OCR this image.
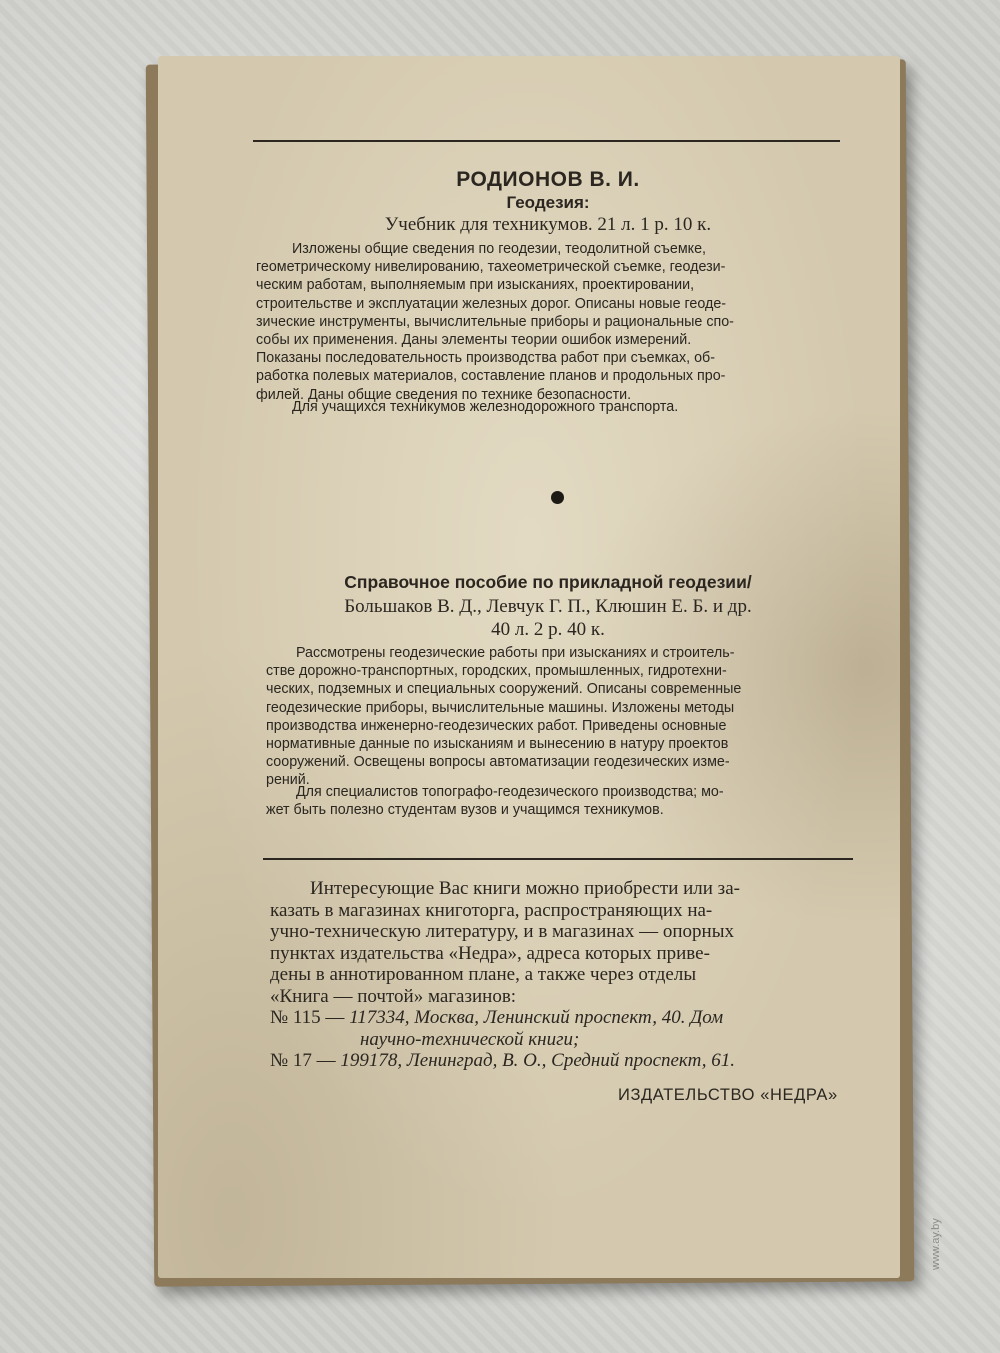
РОДИОНОВ В. И.
Геодезия:
Учебник для техникумов. 21 л. 1 р. 10 к.

Изложены общие сведения по геодезии, теодолитной съемке,
геометрическому нивелированию, тахеометрической съемке, геодези-
ческим работам, выполняемым при изысканиях, проектировании,
строительстве и эксплуатации железных дорог. Описаны новые геоде-
зические инструменты, вычислительные приборы и рациональные спо-
собы их применения. Даны элементы теории ошибок измерений.
Показаны последовательность производства работ при съемках, об-
работка полевых материалов, составление планов и продольных про-
филей. Даны общие сведения по технике безопасности.

Для учащихся техникумов железнодорожного транспорта.

Справочное пособие по прикладной геодезии/
Большаков В. Д., Левчук Г. П., Клюшин Е. Б. и др.
40 л. 2 р. 40 к.

Рассмотрены геодезические работы при изысканиях и строитель-
стве дорожно-транспортных, городских, промышленных, гидротехни-
ческих, подземных и специальных сооружений. Описаны современные
геодезические приборы, вычислительные машины. Изложены методы
производства инженерно-геодезических работ. Приведены основные
нормативные данные по изысканиям и вынесению в натуру проектов
сооружений. Освещены вопросы автоматизации геодезических изме-
рений.

Для специалистов топографо-геодезического производства; мо-
жет быть полезно студентам вузов и учащимся техникумов.

Интересующие Вас книги можно приобрести или за-
казать в магазинах книготорга, распространяющих на-
учно-техническую литературу, и в магазинах — опорных
пунктах издательства «Недра», адреса которых приве-
дены в аннотированном плане, а также через отделы
«Книга — почтой» магазинов:
№ 115 — 117334, Москва, Ленинский проспект, 40. Дом
научно-технической книги;
№ 17 — 199178, Ленинград, В. О., Средний проспект, 61.

ИЗДАТЕЛЬСТВО «НЕДРА»
www.ay.by
